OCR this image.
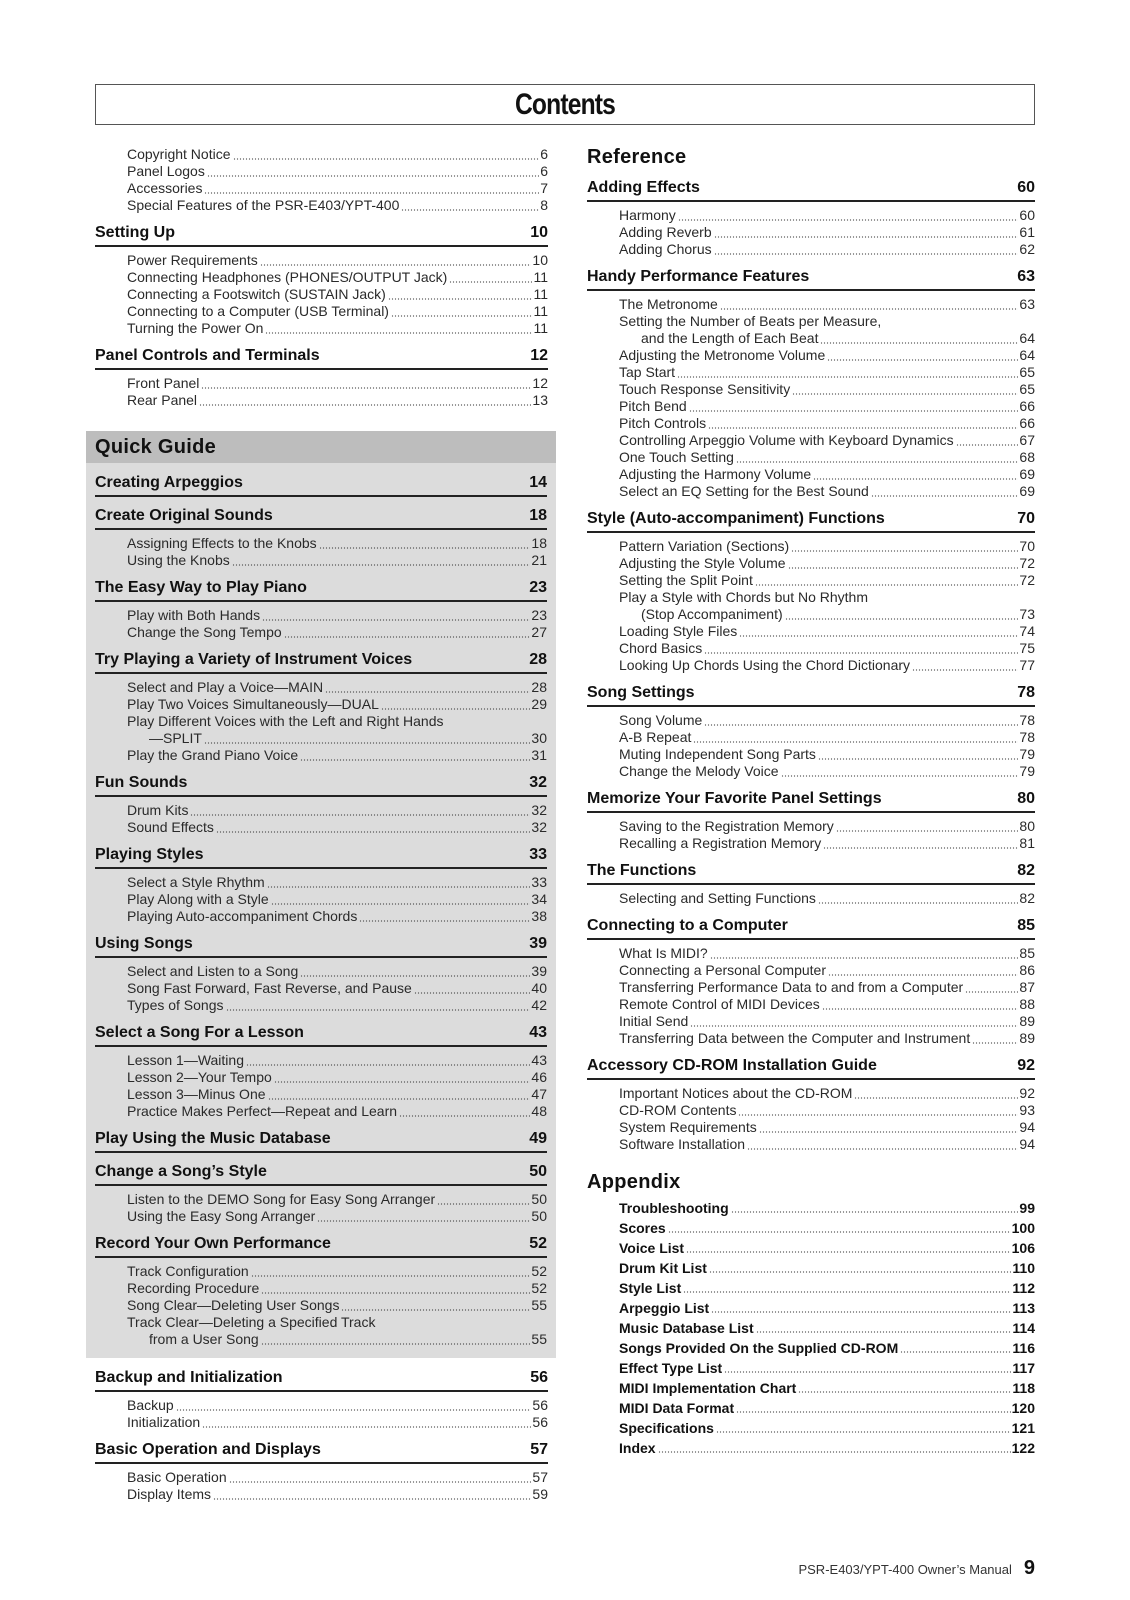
Contents
Copyright Notice	6
Panel Logos	6
Accessories	7
Special Features of the PSR-E403/YPT-400	8
Setting Up	10
Power Requirements	10
Connecting Headphones (PHONES/OUTPUT Jack)	11
Connecting a Footswitch (SUSTAIN Jack)	11
Connecting to a Computer (USB Terminal)	11
Turning the Power On	11
Panel Controls and Terminals	12
Front Panel	12
Rear Panel	13
Quick Guide
Creating Arpeggios	14
Create Original Sounds	18
Assigning Effects to the Knobs	18
Using the Knobs	21
The Easy Way to Play Piano	23
Play with Both Hands	23
Change the Song Tempo	27
Try Playing a Variety of Instrument Voices	28
Select and Play a Voice—MAIN	28
Play Two Voices Simultaneously—DUAL	29
Play Different Voices with the Left and Right Hands
—SPLIT	30
Play the Grand Piano Voice	31
Fun Sounds	32
Drum Kits	32
Sound Effects	32
Playing Styles	33
Select a Style Rhythm	33
Play Along with a Style	34
Playing Auto-accompaniment Chords	38
Using Songs	39
Select and Listen to a Song	39
Song Fast Forward, Fast Reverse, and Pause	40
Types of Songs	42
Select a Song For a Lesson	43
Lesson 1—Waiting	43
Lesson 2—Your Tempo	46
Lesson 3—Minus One	47
Practice Makes Perfect—Repeat and Learn	48
Play Using the Music Database	49
Change a Song’s Style	50
Listen to the DEMO Song for Easy Song Arranger	50
Using the Easy Song Arranger	50
Record Your Own Performance	52
Track Configuration	52
Recording Procedure	52
Song Clear—Deleting User Songs	55
Track Clear—Deleting a Specified Track
from a User Song	55
Backup and Initialization	56
Backup	56
Initialization	56
Basic Operation and Displays	57
Basic Operation	57
Display Items	59
Reference
Adding Effects	60
Harmony	60
Adding Reverb	61
Adding Chorus	62
Handy Performance Features	63
The Metronome	63
Setting the Number of Beats per Measure,
and the Length of Each Beat	64
Adjusting the Metronome Volume	64
Tap Start	65
Touch Response Sensitivity	65
Pitch Bend	66
Pitch Controls	66
Controlling Arpeggio Volume with Keyboard Dynamics	67
One Touch Setting	68
Adjusting the Harmony Volume	69
Select an EQ Setting for the Best Sound	69
Style (Auto-accompaniment) Functions	70
Pattern Variation (Sections)	70
Adjusting the Style Volume	72
Setting the Split Point	72
Play a Style with Chords but No Rhythm
(Stop Accompaniment)	73
Loading Style Files	74
Chord Basics	75
Looking Up Chords Using the Chord Dictionary	77
Song Settings	78
Song Volume	78
A-B Repeat	78
Muting Independent Song Parts	79
Change the Melody Voice	79
Memorize Your Favorite Panel Settings	80
Saving to the Registration Memory	80
Recalling a Registration Memory	81
The Functions	82
Selecting and Setting Functions	82
Connecting to a Computer	85
What Is MIDI?	85
Connecting a Personal Computer	86
Transferring Performance Data to and from a Computer	87
Remote Control of MIDI Devices	88
Initial Send	89
Transferring Data between the Computer and Instrument	89
Accessory CD-ROM Installation Guide	92
Important Notices about the CD-ROM	92
CD-ROM Contents	93
System Requirements	94
Software Installation	94
Appendix
Troubleshooting	99
Scores	100
Voice List	106
Drum Kit List	110
Style List	112
Arpeggio List	113
Music Database List	114
Songs Provided On the Supplied CD-ROM	116
Effect Type List	117
MIDI Implementation Chart	118
MIDI Data Format	120
Specifications	121
Index	122
PSR-E403/YPT-400 Owner’s Manual 9
